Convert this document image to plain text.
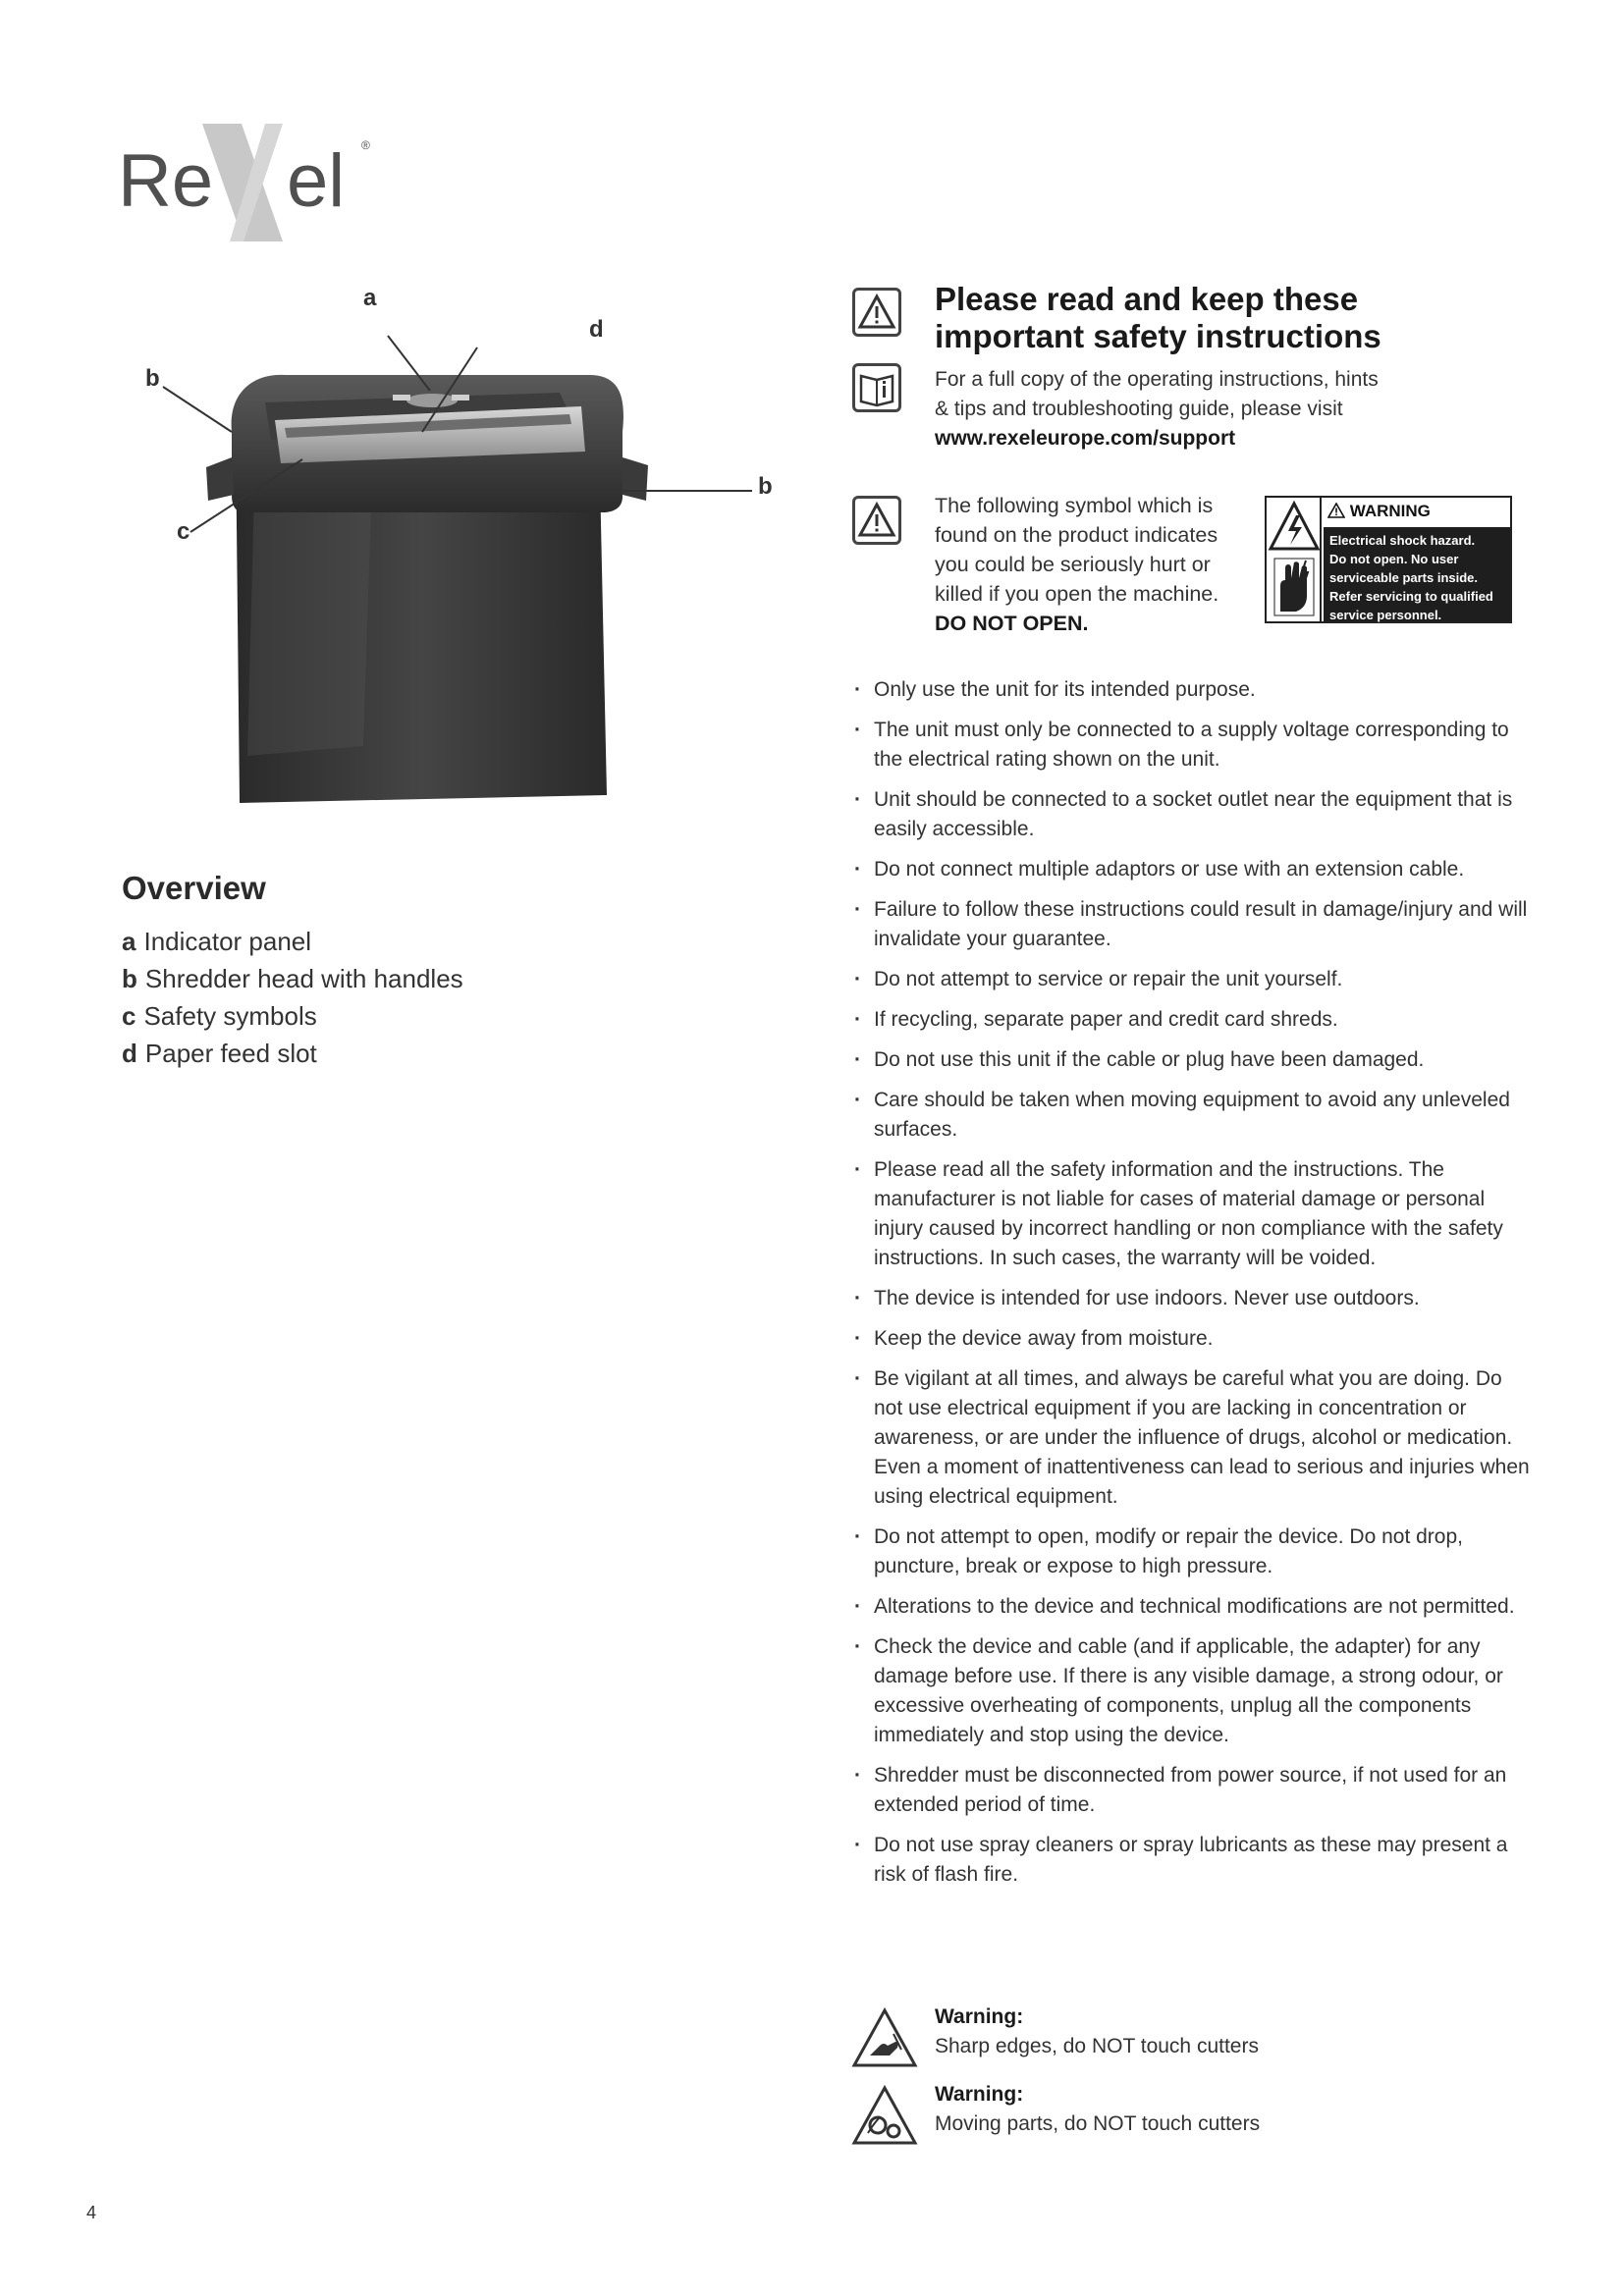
Re el ®
a
d
b
b
c
Overview
a Indicator panel
b Shredder head with handles
c Safety symbols
d Paper feed slot
Please read and keep these
important safety instructions
For a full copy of the operating instructions, hints
& tips and troubleshooting guide, please visit
www.rexeleurope.com/support
The following symbol which is
found on the product indicates
you could be seriously hurt or
killed if you open the machine.
DO NOT OPEN.
WARNING
Electrical shock hazard.
Do not open. No user
serviceable parts inside.
Refer servicing to qualified
service personnel.
· Only use the unit for its intended purpose.
· The unit must only be connected to a supply voltage corresponding to the electrical rating shown on the unit.
· Unit should be connected to a socket outlet near the equipment that is easily accessible.
· Do not connect multiple adaptors or use with an extension cable.
· Failure to follow these instructions could result in damage/injury and will invalidate your guarantee.
· Do not attempt to service or repair the unit yourself.
· If recycling, separate paper and credit card shreds.
· Do not use this unit if the cable or plug have been damaged.
· Care should be taken when moving equipment to avoid any unleveled surfaces.
· Please read all the safety information and the instructions. The manufacturer is not liable for cases of material damage or personal injury caused by incorrect handling or non compliance with the safety instructions. In such cases, the warranty will be voided.
· The device is intended for use indoors. Never use outdoors.
· Keep the device away from moisture.
· Be vigilant at all times, and always be careful what you are doing. Do not use electrical equipment if you are lacking in concentration or awareness, or are under the influence of drugs, alcohol or medication. Even a moment of inattentiveness can lead to serious and injuries when using electrical equipment.
· Do not attempt to open, modify or repair the device. Do not drop, puncture, break or expose to high pressure.
· Alterations to the device and technical modifications are not permitted.
· Check the device and cable (and if applicable, the adapter) for any damage before use. If there is any visible damage, a strong odour, or excessive overheating of components, unplug all the components immediately and stop using the device.
· Shredder must be disconnected from power source, if not used for an extended period of time.
· Do not use spray cleaners or spray lubricants as these may present a risk of flash fire.
Warning:
Sharp edges, do NOT touch cutters
Warning:
Moving parts, do NOT touch cutters
4
